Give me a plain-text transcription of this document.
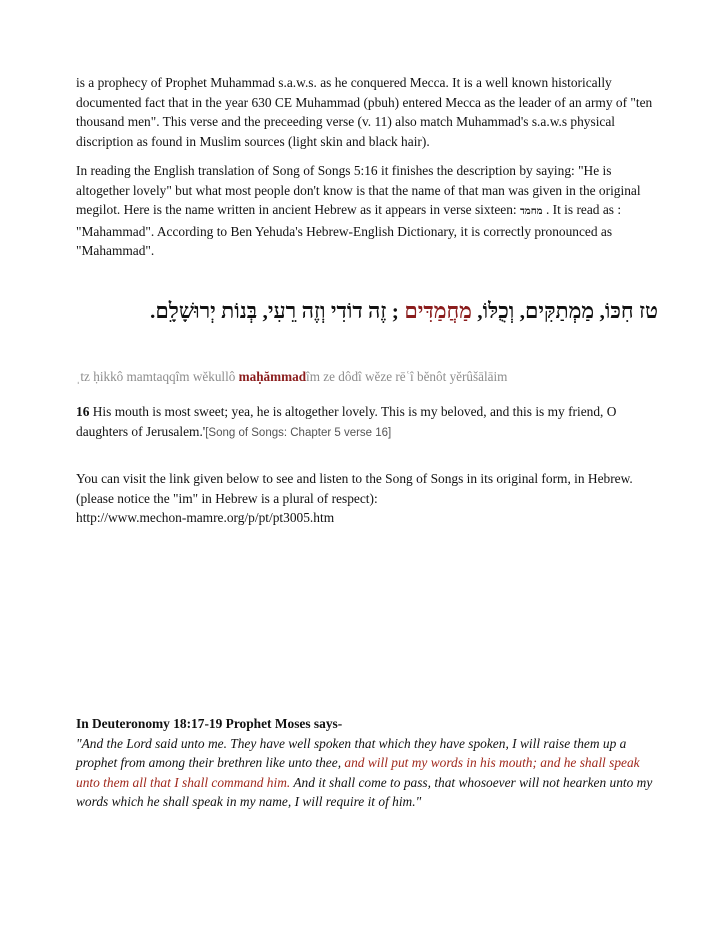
is a prophecy of Prophet Muhammad s.a.w.s. as he conquered Mecca. It is a well known historically documented fact that in the year 630 CE Muhammad (pbuh) entered Mecca as the leader of an army of "ten thousand men". This verse and the preceeding verse (v. 11) also match Muhammad's s.a.w.s physical discription as found in Muslim sources (light skin and black hair).
In reading the English translation of Song of Songs 5:16 it finishes the description by saying: "He is altogether lovely" but what most people don't know is that the name of that man was given in the original megilot. Here is the name written in ancient Hebrew as it appears in verse sixteen: מחמד . It is read as : "Mahammad". According to Ben Yehuda's Hebrew-English Dictionary, it is correctly pronounced as "Mahammad".
טז חִכּוֹ, מַמְתַקִּים, וְכֻלּוֹ, מַחֲמַדִּים ; זֶה דוֹדִי וְזֶה רֵעִי, בְּנוֹת יְרוּשָׁלִָם.
ˌtz ḥikkô mamtaqqîm wĕkullô maḥămmadîm ze dôdî wĕze rēʿî bĕnôt yĕrûšālāim
16 His mouth is most sweet; yea, he is altogether lovely. This is my beloved, and this is my friend, O daughters of Jerusalem.'[Song of Songs: Chapter 5 verse 16]
You can visit the link given below to see and listen to the Song of Songs in its original form, in Hebrew. (please notice the "im" in Hebrew is a plural of respect):
http://www.mechon-mamre.org/p/pt/pt3005.htm
In Deuteronomy 18:17-19 Prophet Moses says-
"And the Lord said unto me. They have well spoken that which they have spoken, I will raise them up a prophet from among their brethren like unto thee, and will put my words in his mouth; and he shall speak unto them all that I shall command him. And it shall come to pass, that whosoever will not hearken unto my words which he shall speak in my name, I will require it of him."
